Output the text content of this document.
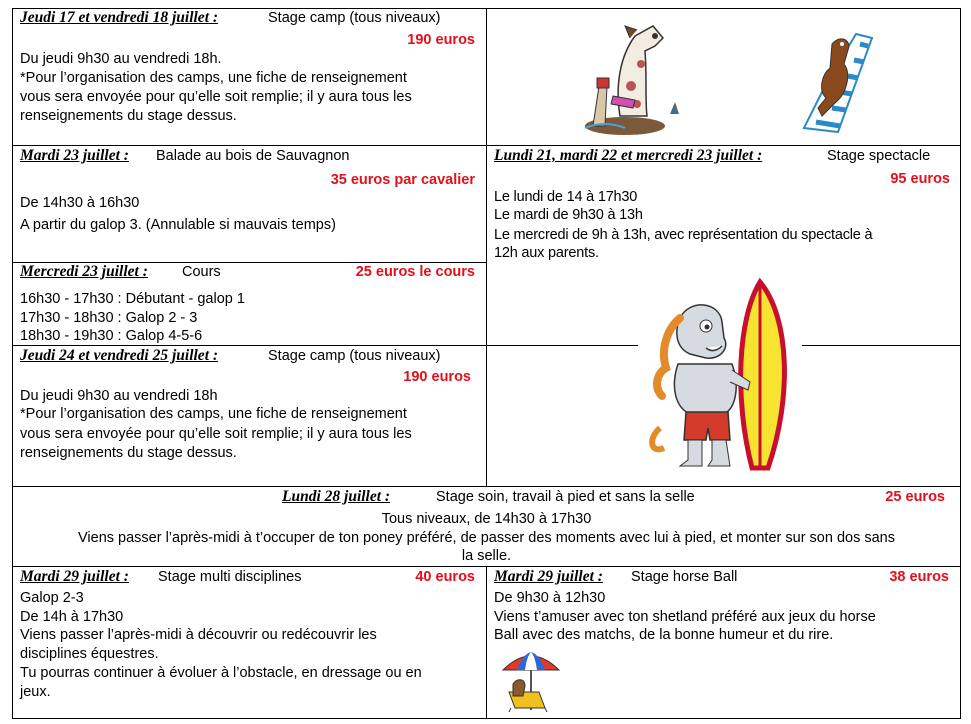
Jeudi 17 et vendredi 18 juillet :	Stage camp (tous niveaux)
190 euros
Du jeudi 9h30 au vendredi 18h.
*Pour l’organisation des camps, une fiche de renseignement
vous sera envoyée pour qu’elle soit remplie; il y aura tous les
renseignements du stage dessus.
Mardi 23 juillet : Balade au bois de Sauvagnon
35 euros par cavalier
De 14h30 à 16h30
A partir du galop 3. (Annulable si mauvais temps)
Lundi 21, mardi 22 et mercredi 23 juillet :	Stage spectacle
95 euros
Le lundi de 14 à 17h30
Le mardi de 9h30 à 13h
Le mercredi de 9h à 13h, avec représentation du spectacle à
12h aux parents.
Mercredi 23 juillet : Cours	25 euros le cours
16h30 - 17h30 : Débutant - galop 1
17h30 - 18h30 : Galop 2 - 3
18h30 - 19h30 : Galop 4-5-6
Jeudi 24 et vendredi 25 juillet :	Stage camp (tous niveaux)
190 euros
Du jeudi 9h30 au vendredi 18h
*Pour l’organisation des camps, une fiche de renseignement
vous sera envoyée pour qu’elle soit remplie; il y aura tous les
renseignements du stage dessus.
Lundi 28 juillet :	Stage soin, travail à pied et sans la selle	25 euros
Tous niveaux, de 14h30 à 17h30
Viens passer l’après-midi à t’occuper de ton poney préféré, de passer des moments avec lui à pied, et monter sur son dos sans
la selle.
Mardi 29 juillet : Stage multi disciplines	40 euros
Galop 2-3
De 14h à 17h30
Viens passer l’après-midi à découvrir ou redécouvrir les
disciplines équestres.
Tu pourras continuer à évoluer à l’obstacle, en dressage ou en
jeux.
Mardi 29 juillet : Stage horse Ball	38 euros
De 9h30 à 12h30
Viens t’amuser avec ton shetland préféré aux jeux du horse
Ball avec des matchs, de la bonne humeur et du rire.
